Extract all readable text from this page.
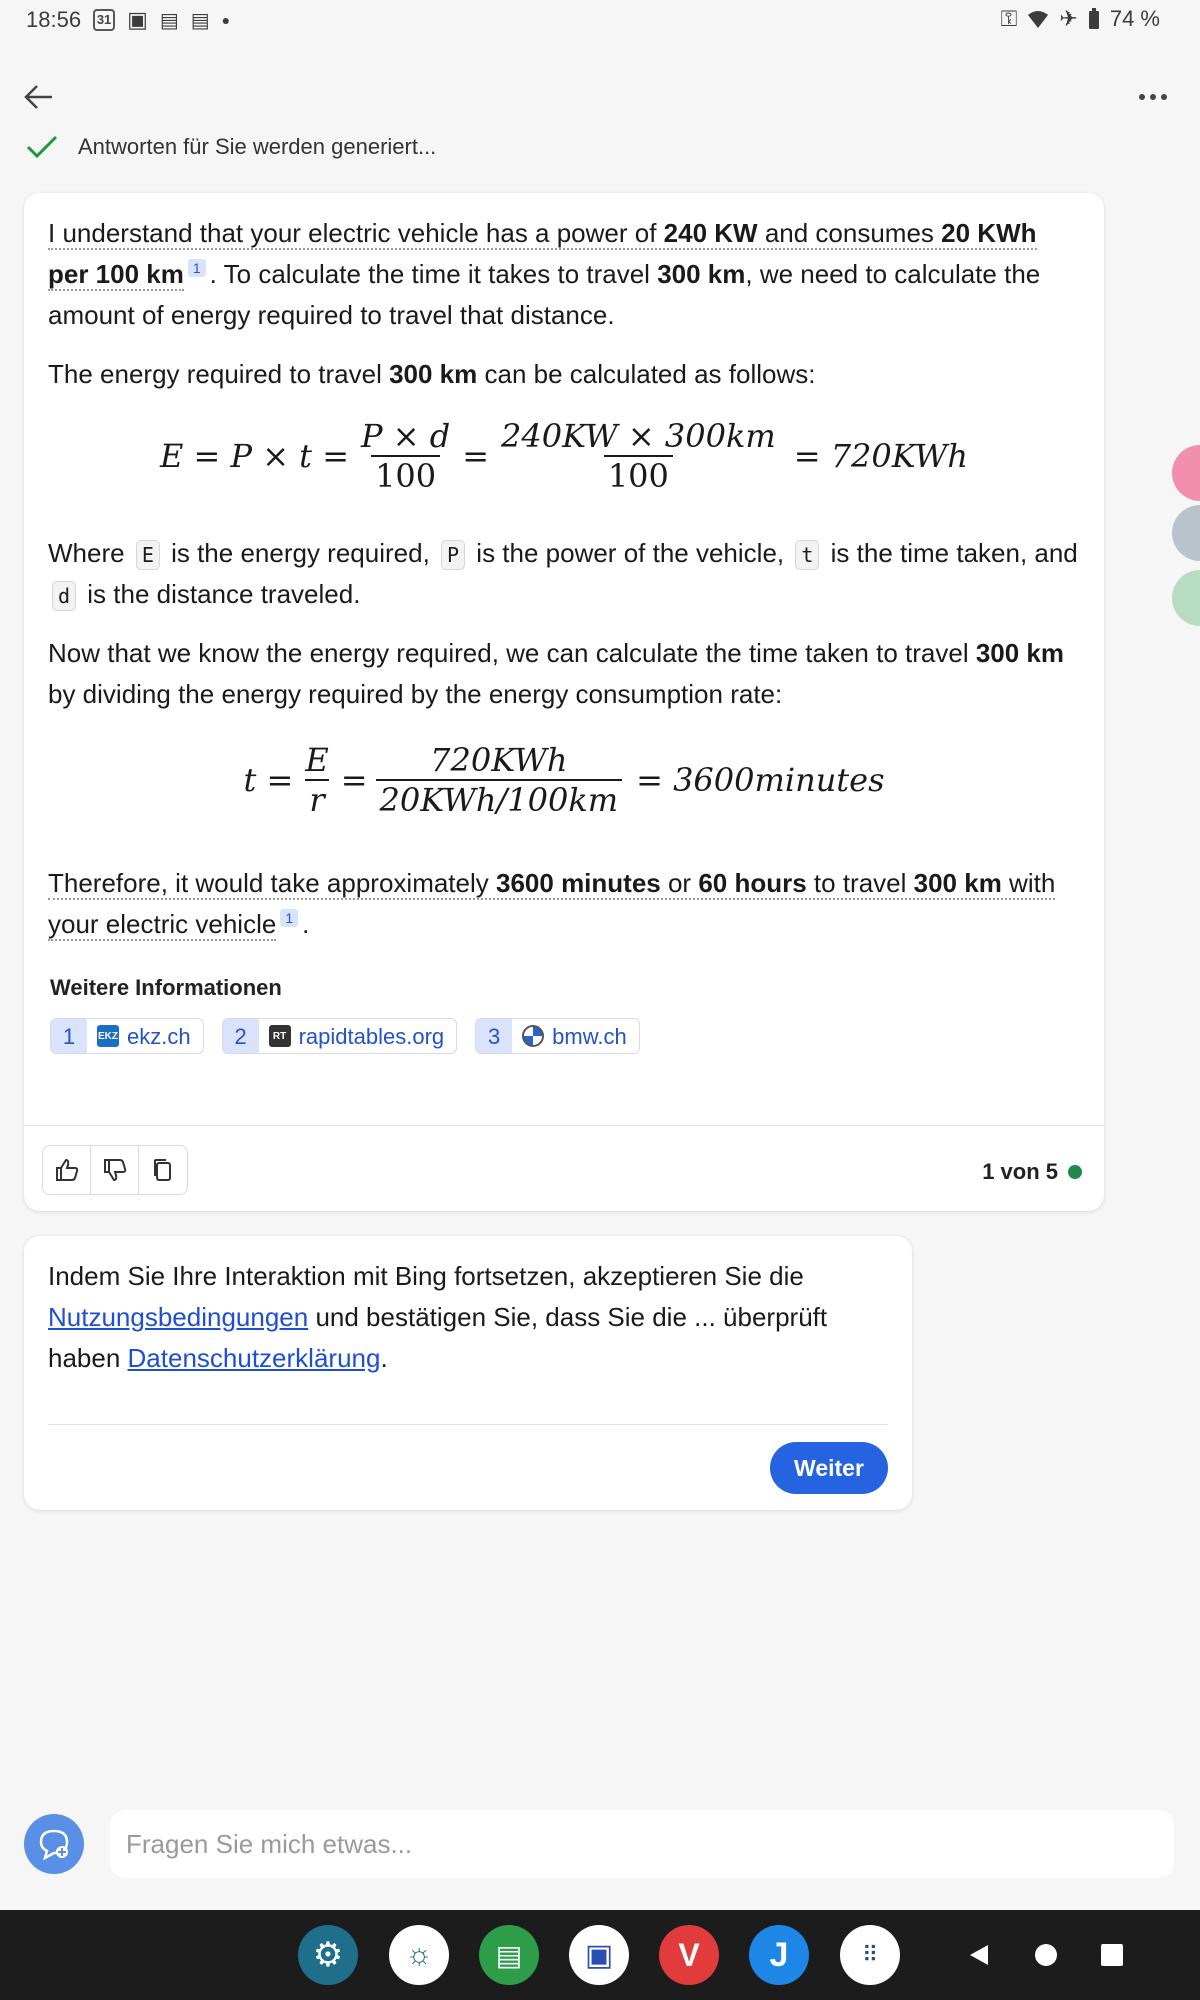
18:56 31 ▣ ▤ ▤ ●	⚿ ✈ 74 %
Antworten für Sie werden generiert...

I understand that your electric vehicle has a power of 240 KW and consumes 20 KWh per 100 km 1 . To calculate the time it takes to travel 300 km, we need to calculate the amount of energy required to travel that distance.

The energy required to travel 300 km can be calculated as follows:

$E = P \times t = \frac{P \times d}{100} = \frac{240KW \times 300km}{100} = 720KWh$

Where E is the energy required, P is the power of the vehicle, t is the time taken, and d is the distance traveled.

Now that we know the energy required, we can calculate the time taken to travel 300 km by dividing the energy required by the energy consumption rate:

$t = \frac{E}{r} = \frac{\text{720KWh}}{\text{20KWh/100km}}$ = 3600minutes

Therefore, it would take approximately 3600 minutes or 60 hours to travel 300 km with your electric vehicle 1 .

Weitere Informationen
1	EKZ ekz.ch	2	RT rapidtables.org	3	bmw.ch
1 von 5
Indem Sie Ihre Interaktion mit Bing fortsetzen, akzeptieren Sie die Nutzungsbedingungen und bestätigen Sie, dass Sie die ... überprüft haben Datenschutzerklärung.
Weiter
Fragen Sie mich etwas...
⚙ ☼ ▤ ▣ V J	⠿
